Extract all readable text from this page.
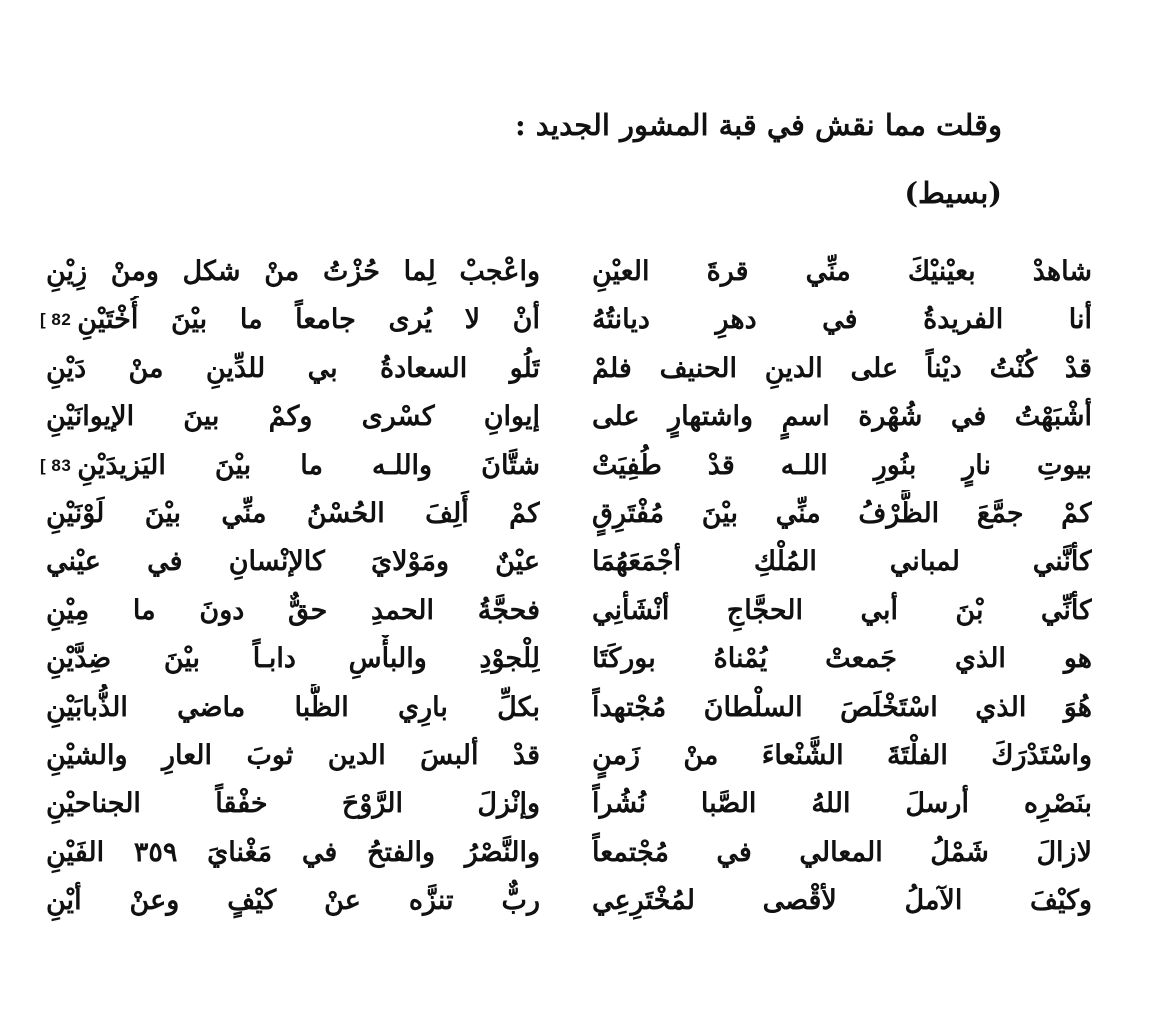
وقلت مما نقش في قبة المشور الجديد :
(بسيط)
شاهدْ بعيْنيْكَ منِّي قرةَ العيْنِ
أنا الفريدةُ في دهرِ ديانتُهُ
قدْ كُنْتُ ديْناً على الدينِ الحنيف فلمْ
أشْبَهْتُ في شُهْرة اسمٍ واشتهارٍ على
بيوتِ نارٍ بنُورِ اللـه قدْ طُفِيَتْ
كمْ جمَّعَ الظَّرْفُ منِّي بيْنَ مُفْتَرِقٍ
كأنَّني لمباني المُلْكِ أجْمَعَهُمَا
كأنِّي بْنَ أبي الحجَّاجِ أنْشَأنِي
هو الذي جَمعتْ يُمْناهُ بوركَتَا
هُوَ الذي اسْتَخْلَصَ السلْطانَ مُجْتهداً
واسْتَدْرَكَ الفلْتَةَ الشَّنْعاءَ منْ زَمنٍ
بنَصْرِه أرسلَ اللهُ الصَّبا نُشُراً
لازالَ شَمْلُ المعالي في مُجْتمعاً
وكيْفَ الآملُ لأقْصى لمُخْتَرِعِي
واعْجبْ لِما حُزْتُ منْ شكل ومنْ زِيْنِ
أنْ لا يُرى جامعاً ما بيْنَ أُخْتَيْنِ
[ 82
تَلُو السعادةُ بي للدِّينِ منْ دَيْنِ
إيوانِ كسْرى وكمْ بينَ الإيوانَيْنِ
شتَّانَ واللـه ما بيْنَ اليَزيدَيْنِ
[ 83
كمْ أَلِفَ الحُسْنُ منِّي بيْنَ لَوْنَيْنِ
عيْنٌ ومَوْلايَ كالإنْسانِ في عيْني
فحجَّةُ الحمدِ حقٌّ دونَ ما مِيْنِ
لِلْجوْدِ والبأْسِ دابـاً بيْنَ ضِدَّيْنِ
بكلِّ بارِي الظُّبا ماضي الذُّبابَيْنِ
قدْ ألبسَ الدين ثوبَ العارِ والشيْنِ
وإنْزلَ الرَّوْحَ خفْقاً الجناحيْنِ
والنَّصْرُ والفتحُ في مَغْنايَ ٣٥٩ الفَيْنِ
ربٌّ تنزَّه عنْ كيْفٍ وعنْ أيْنِ
